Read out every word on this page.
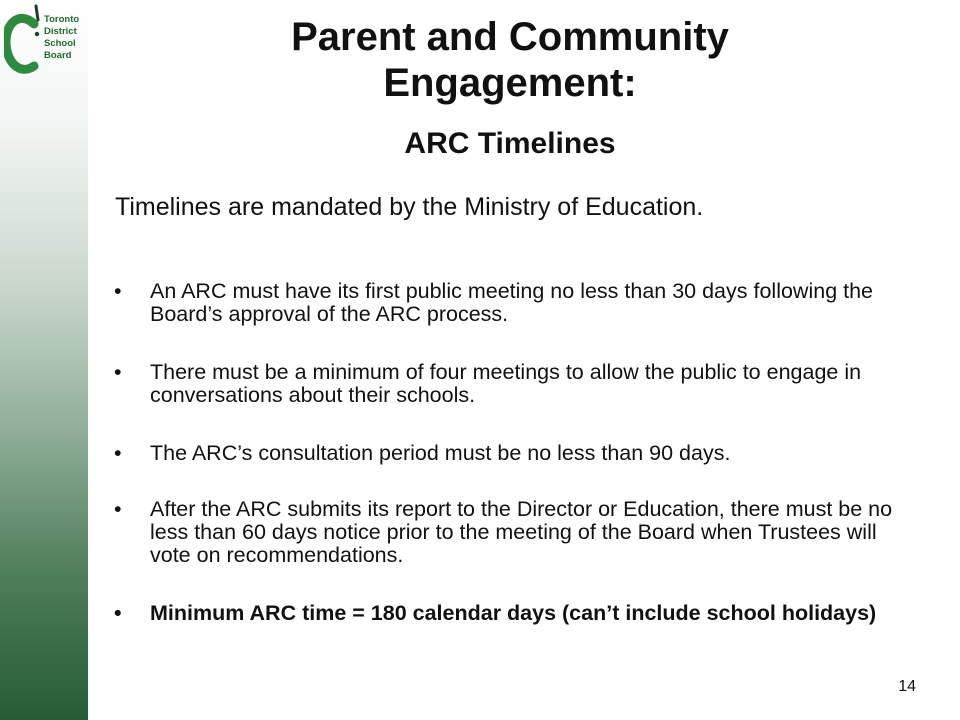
Toronto
District
School
Board	Parent and Community
Engagement:
ARC Timelines
Timelines are mandated by the Ministry of Education.
• An ARC must have its first public meeting no less than 30 days following the Board’s approval of the ARC process.
• There must be a minimum of four meetings to allow the public to engage in conversations about their schools.
• The ARC’s consultation period must be no less than 90 days.
• After the ARC submits its report to the Director or Education, there must be no less than 60 days notice prior to the meeting of the Board when Trustees will vote on recommendations.
• Minimum ARC time = 180 calendar days (can’t include school holidays)
14
